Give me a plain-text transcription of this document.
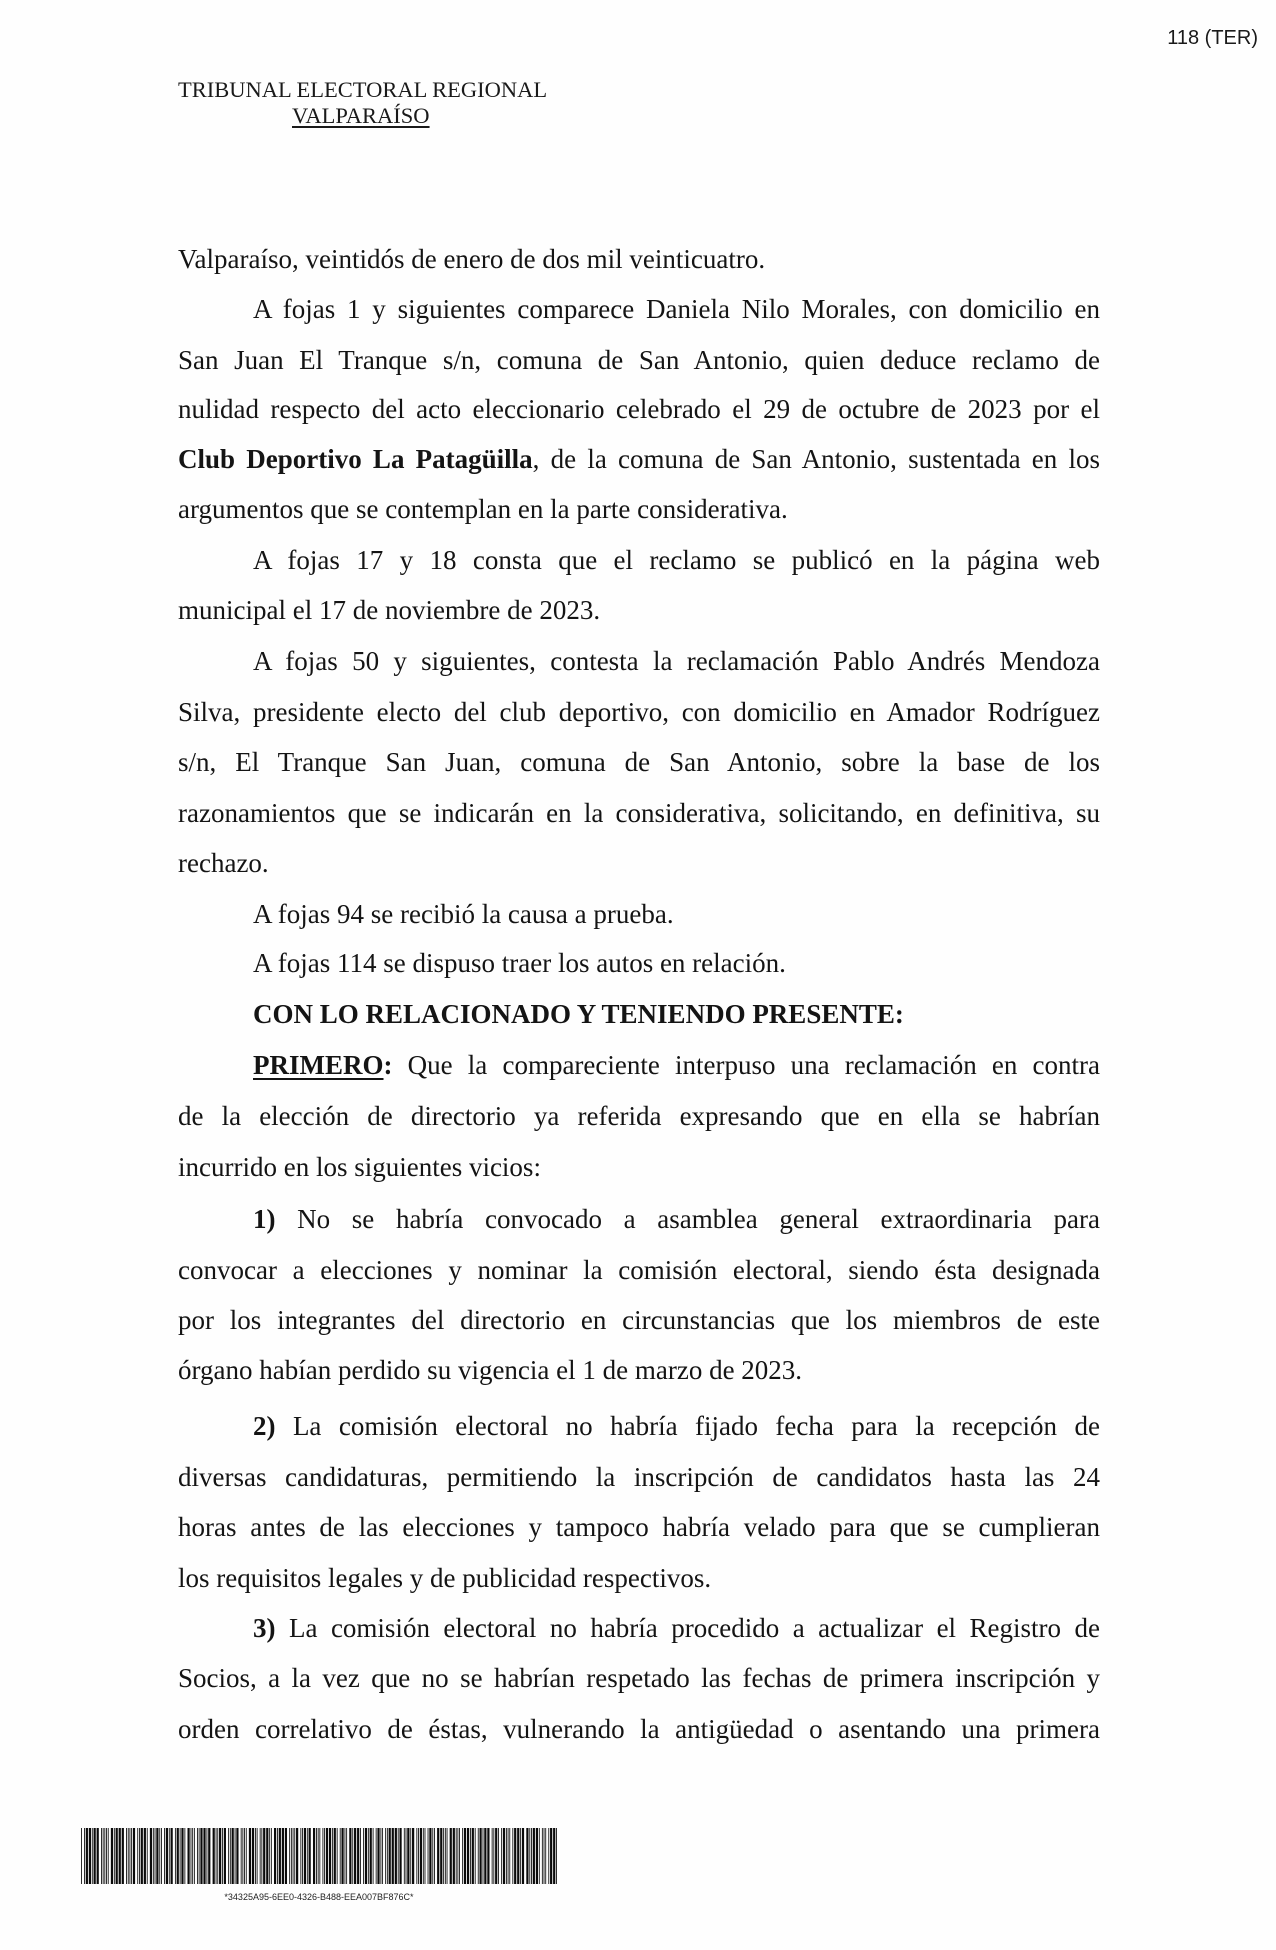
118 (TER)
TRIBUNAL ELECTORAL REGIONAL
VALPARAÍSO
Valparaíso, veintidós de enero de dos mil veinticuatro.
A fojas 1 y siguientes comparece Daniela Nilo Morales, con domicilio en
San Juan El Tranque s/n, comuna de San Antonio, quien deduce reclamo de
nulidad respecto del acto eleccionario celebrado el 29 de octubre de 2023 por el
Club Deportivo La Patagüilla, de la comuna de San Antonio, sustentada en los
argumentos que se contemplan en la parte considerativa.
A fojas 17 y 18 consta que el reclamo se publicó en la página web
municipal el 17 de noviembre de 2023.
A fojas 50 y siguientes, contesta la reclamación Pablo Andrés Mendoza
Silva, presidente electo del club deportivo, con domicilio en Amador Rodríguez
s/n, El Tranque San Juan, comuna de San Antonio, sobre la base de los
razonamientos que se indicarán en la considerativa, solicitando, en definitiva, su
rechazo.
A fojas 94 se recibió la causa a prueba.
A fojas 114 se dispuso traer los autos en relación.
CON LO RELACIONADO Y TENIENDO PRESENTE:
PRIMERO: Que la compareciente interpuso una reclamación en contra
de la elección de directorio ya referida expresando que en ella se habrían
incurrido en los siguientes vicios:
1) No se habría convocado a asamblea general extraordinaria para
convocar a elecciones y nominar la comisión electoral, siendo ésta designada
por los integrantes del directorio en circunstancias que los miembros de este
órgano habían perdido su vigencia el 1 de marzo de 2023.
2) La comisión electoral no habría fijado fecha para la recepción de
diversas candidaturas, permitiendo la inscripción de candidatos hasta las 24
horas antes de las elecciones y tampoco habría velado para que se cumplieran
los requisitos legales y de publicidad respectivos.
3) La comisión electoral no habría procedido a actualizar el Registro de
Socios, a la vez que no se habrían respetado las fechas de primera inscripción y
orden correlativo de éstas, vulnerando la antigüedad o asentando una primera
*34325A95-6EE0-4326-B488-EEA007BF876C*
